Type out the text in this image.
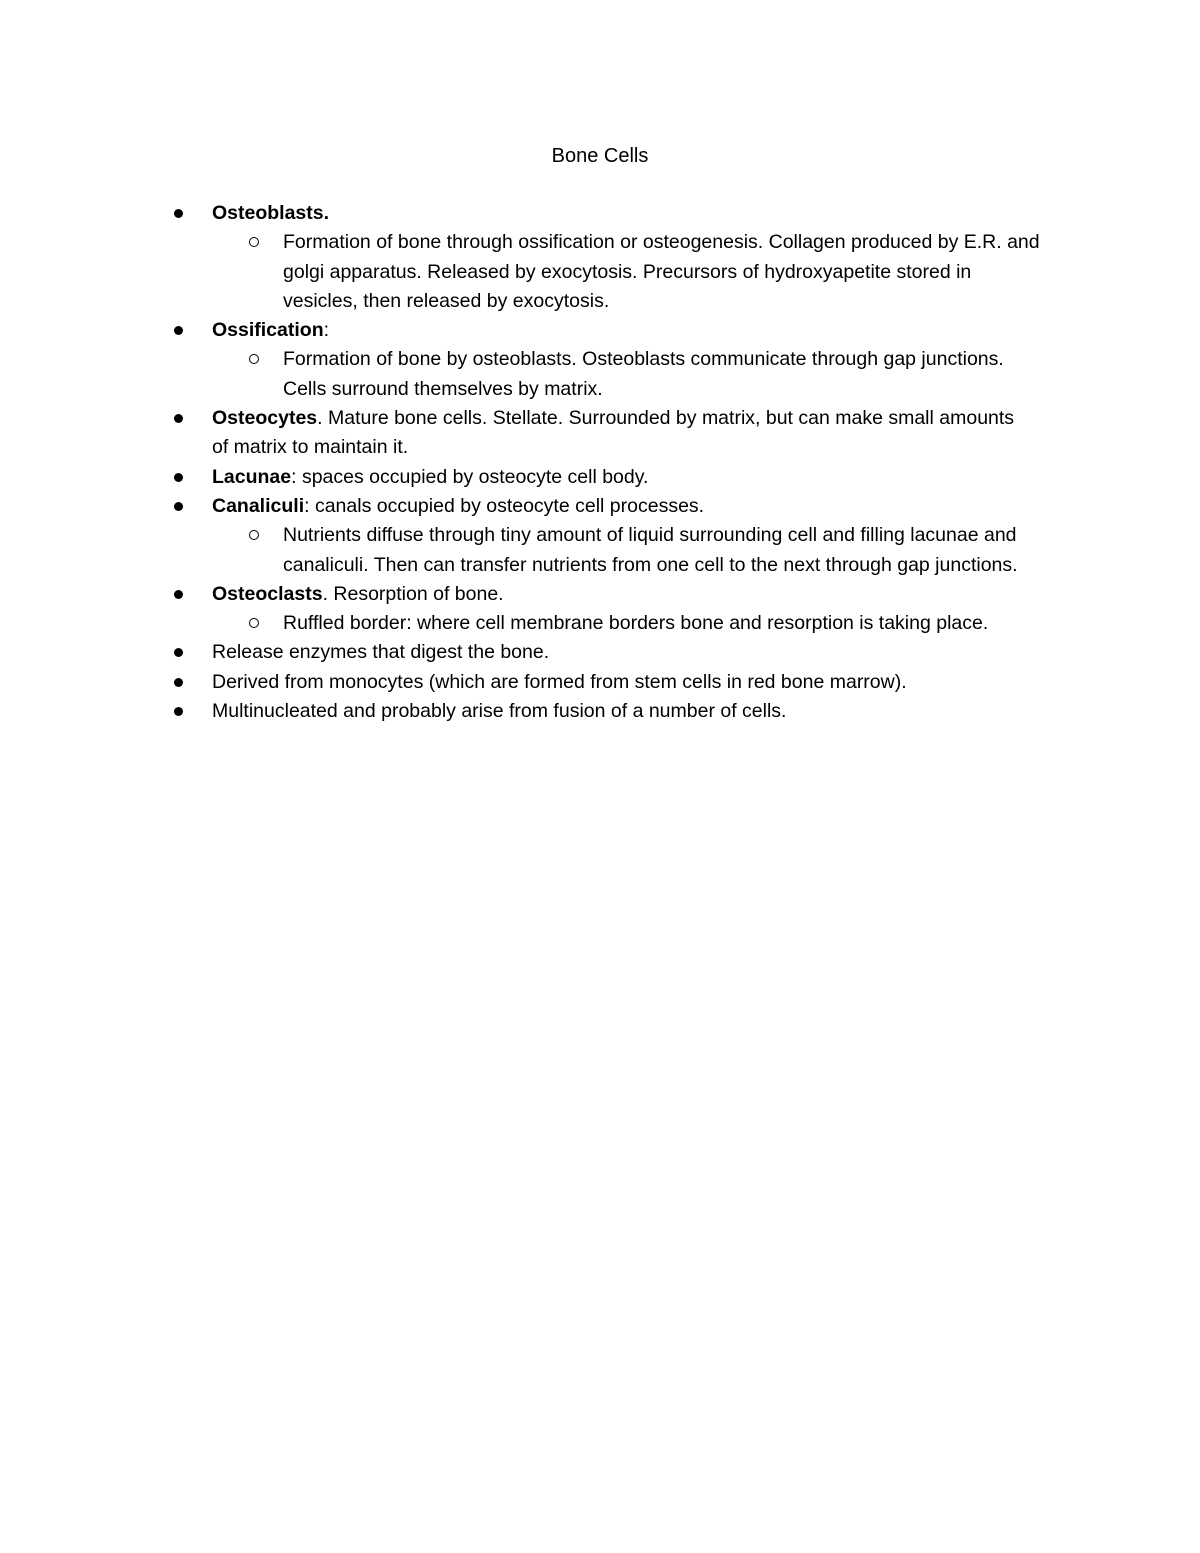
Bone Cells
Osteoblasts.
Formation of bone through ossification or osteogenesis. Collagen produced by E.R. and golgi apparatus. Released by exocytosis. Precursors of hydroxyapetite stored in vesicles, then released by exocytosis.
Ossification:
Formation of bone by osteoblasts. Osteoblasts communicate through gap junctions. Cells surround themselves by matrix.
Osteocytes. Mature bone cells. Stellate. Surrounded by matrix, but can make small amounts of matrix to maintain it.
Lacunae: spaces occupied by osteocyte cell body.
Canaliculi: canals occupied by osteocyte cell processes.
Nutrients diffuse through tiny amount of liquid surrounding cell and filling lacunae and canaliculi. Then can transfer nutrients from one cell to the next through gap junctions.
Osteoclasts. Resorption of bone.
Ruffled border: where cell membrane borders bone and resorption is taking place.
Release enzymes that digest the bone.
Derived from monocytes (which are formed from stem cells in red bone marrow).
Multinucleated and probably arise from fusion of a number of cells.
